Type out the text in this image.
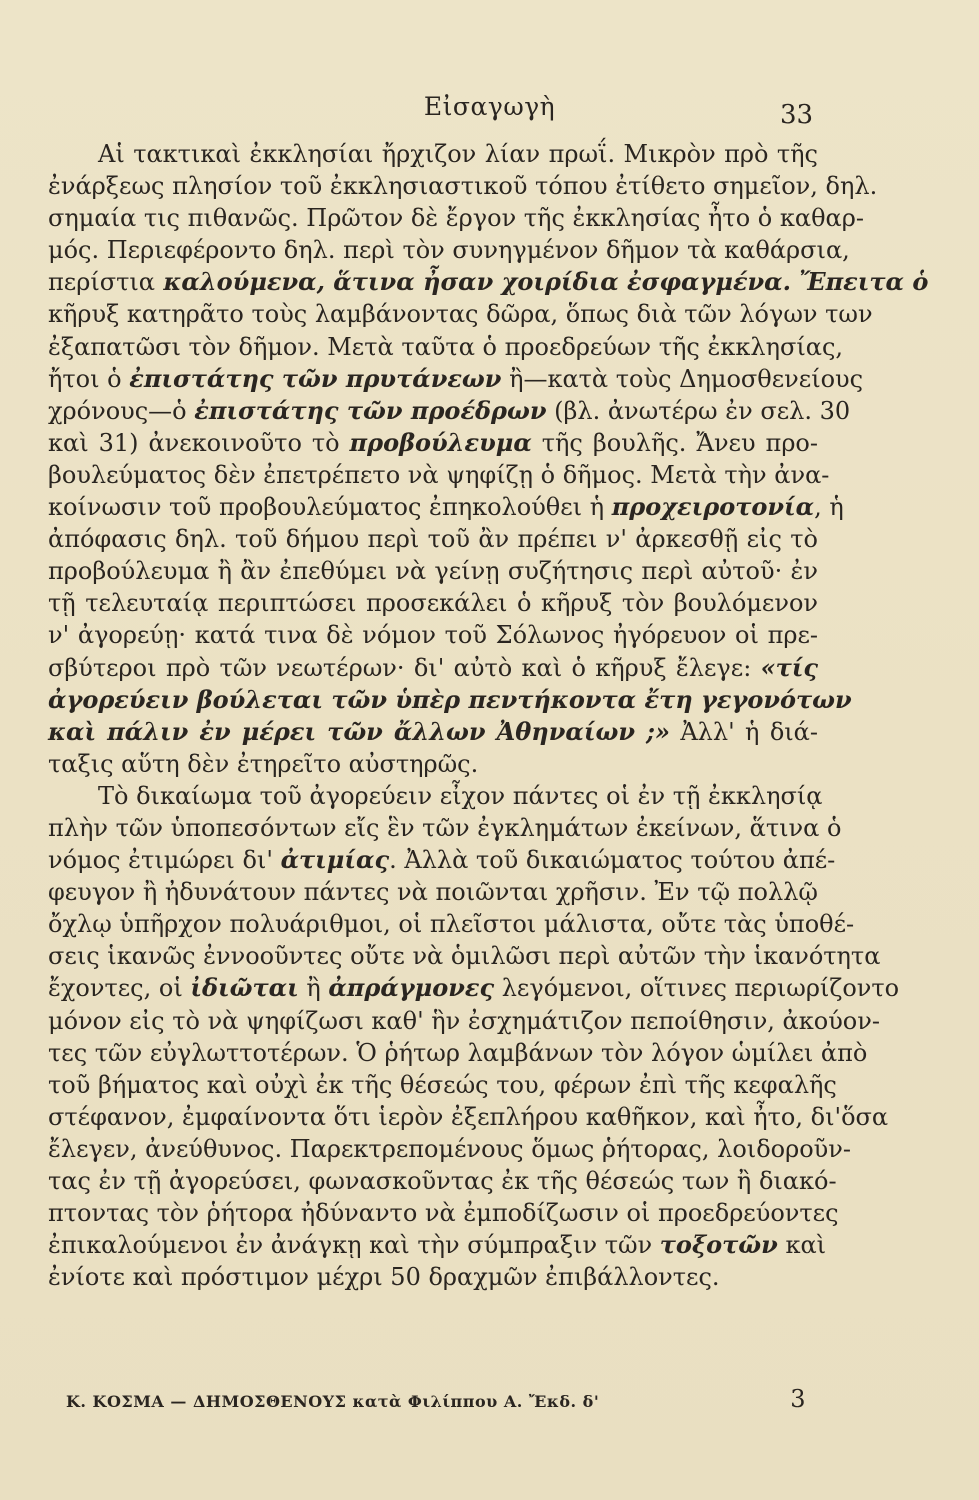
Εἰσαγωγὴ	33
Αἱ τακτικαὶ ἐκκλησίαι ἤρχιζον λίαν πρωΐ. Μικρὸν πρὸ τῆς
ἐνάρξεως πλησίον τοῦ ἐκκλησιαστικοῦ τόπου ἐτίθετο σημεῖον, δηλ.
σημαία τις πιθανῶς. Πρῶτον δὲ ἔργον τῆς ἐκκλησίας ἦτο ὁ καθαρ-
μός. Περιεφέροντο δηλ. περὶ τὸν συνηγμένον δῆμον τὰ καθάρσια,
περίστια καλούμενα, ἅτινα ἦσαν χοιρίδια ἐσφαγμένα. Ἔπειτα ὁ
κῆρυξ κατηρᾶτο τοὺς λαμβάνοντας δῶρα, ὅπως διὰ τῶν λόγων των
ἐξαπατῶσι τὸν δῆμον. Μετὰ ταῦτα ὁ προεδρεύων τῆς ἐκκλησίας,
ἤτοι ὁ ἐπιστάτης τῶν πρυτάνεων ἢ—κατὰ τοὺς Δημοσθενείους
χρόνους—ὁ ἐπιστάτης τῶν προέδρων (βλ. ἀνωτέρω ἐν σελ. 30
καὶ 31) ἀνεκοινοῦτο τὸ προβούλευμα τῆς βουλῆς. Ἄνευ προ-
βουλεύματος δὲν ἐπετρέπετο νὰ ψηφίζῃ ὁ δῆμος. Μετὰ τὴν ἀνα-
κοίνωσιν τοῦ προβουλεύματος ἐπηκολούθει ἡ προχειροτονία, ἡ
ἀπόφασις δηλ. τοῦ δήμου περὶ τοῦ ἂν πρέπει ν' ἀρκεσθῇ εἰς τὸ
προβούλευμα ἢ ἂν ἐπεθύμει νὰ γείνῃ συζήτησις περὶ αὐτοῦ· ἐν
τῇ τελευταίᾳ περιπτώσει προσεκάλει ὁ κῆρυξ τὸν βουλόμενον
ν' ἀγορεύῃ· κατά τινα δὲ νόμον τοῦ Σόλωνος ἠγόρευον οἱ πρε-
σβύτεροι πρὸ τῶν νεωτέρων· δι' αὐτὸ καὶ ὁ κῆρυξ ἔλεγε: «τίς
ἀγορεύειν βούλεται τῶν ὑπὲρ πεντήκοντα ἔτη γεγονότων
καὶ πάλιν ἐν μέρει τῶν ἄλλων Ἀθηναίων ;» Ἀλλ' ἡ διά-
ταξις αὕτη δὲν ἐτηρεῖτο αὐστηρῶς.
Τὸ δικαίωμα τοῦ ἀγορεύειν εἶχον πάντες οἱ ἐν τῇ ἐκκλησίᾳ
πλὴν τῶν ὑποπεσόντων εἴς ἓν τῶν ἐγκλημάτων ἐκείνων, ἅτινα ὁ
νόμος ἐτιμώρει δι' ἀτιμίας. Ἀλλὰ τοῦ δικαιώματος τούτου ἀπέ-
φευγον ἢ ἠδυνάτουν πάντες νὰ ποιῶνται χρῆσιν. Ἐν τῷ πολλῷ
ὄχλῳ ὑπῆρχον πολυάριθμοι, οἱ πλεῖστοι μάλιστα, οὔτε τὰς ὑποθέ-
σεις ἱκανῶς ἐννοοῦντες οὔτε νὰ ὁμιλῶσι περὶ αὐτῶν τὴν ἱκανότητα
ἔχοντες, οἱ ἰδιῶται ἢ ἀπράγμονες λεγόμενοι, οἵτινες περιωρίζοντο
μόνον εἰς τὸ νὰ ψηφίζωσι καθ' ἣν ἐσχημάτιζον πεποίθησιν, ἀκούον-
τες τῶν εὐγλωττοτέρων. Ὁ ῥήτωρ λαμβάνων τὸν λόγον ὡμίλει ἀπὸ
τοῦ βήματος καὶ οὐχὶ ἐκ τῆς θέσεώς του, φέρων ἐπὶ τῆς κεφαλῆς
στέφανον, ἐμφαίνοντα ὅτι ἱερὸν ἐξεπλήρου καθῆκον, καὶ ἦτο, δι'ὅσα
ἔλεγεν, ἀνεύθυνος. Παρεκτρεπομένους ὅμως ῥήτορας, λοιδοροῦν-
τας ἐν τῇ ἀγορεύσει, φωνασκοῦντας ἐκ τῆς θέσεώς των ἢ διακό-
πτοντας τὸν ῥήτορα ἠδύναντο νὰ ἐμποδίζωσιν οἱ προεδρεύοντες
ἐπικαλούμενοι ἐν ἀνάγκῃ καὶ τὴν σύμπραξιν τῶν τοξοτῶν καὶ
ἐνίοτε καὶ πρόστιμον μέχρι 50 δραχμῶν ἐπιβάλλοντες.
Κ. ΚΟΣΜΑ — ΔΗΜΟΣΘΕΝΟΥΣ κατὰ Φιλίππου Α. Ἔκδ. δ'	3
